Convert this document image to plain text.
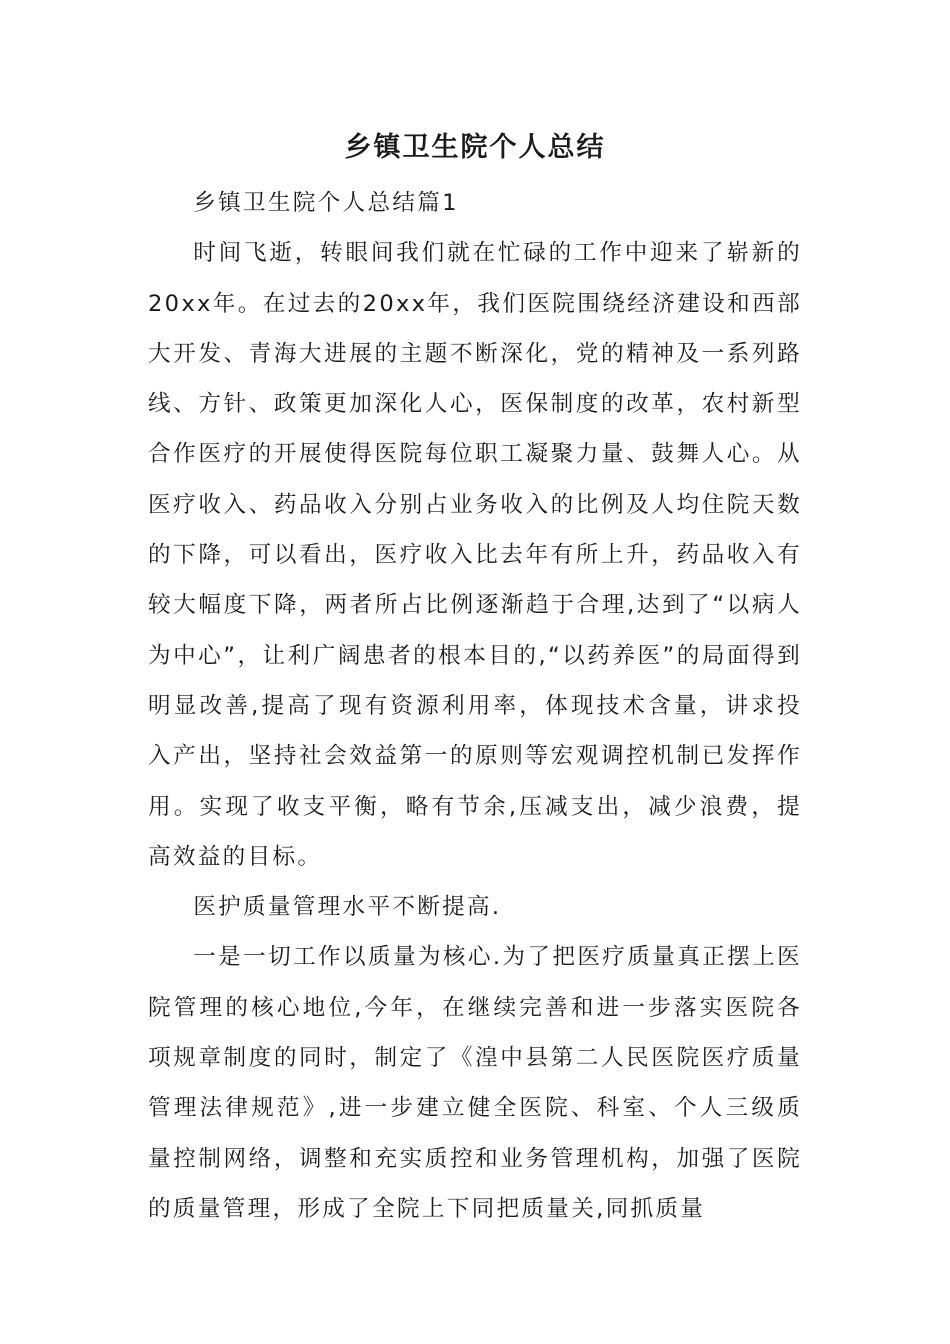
乡镇卫生院个人总结

乡镇卫生院个人总结篇1

时间飞逝，转眼间我们就在忙碌的工作中迎来了崭新的20xx年。在过去的20xx年，我们医院围绕经济建设和西部大开发、青海大进展的主题不断深化，党的精神及一系列路线、方针、政策更加深化人心，医保制度的改革，农村新型合作医疗的开展使得医院每位职工凝聚力量、鼓舞人心。从医疗收入、药品收入分别占业务收入的比例及人均住院天数的下降，可以看出，医疗收入比去年有所上升，药品收入有较大幅度下降，两者所占比例逐渐趋于合理,达到了“以病人为中心”，让利广阔患者的根本目的,“以药养医”的局面得到明显改善,提高了现有资源利用率，体现技术含量，讲求投入产出，坚持社会效益第一的原则等宏观调控机制已发挥作用。实现了收支平衡，略有节余,压减支出，减少浪费，提高效益的目标。

医护质量管理水平不断提高.

一是一切工作以质量为核心.为了把医疗质量真正摆上医院管理的核心地位,今年，在继续完善和进一步落实医院各项规章制度的同时，制定了《湟中县第二人民医院医疗质量管理法律规范》,进一步建立健全医院、科室、个人三级质量控制网络，调整和充实质控和业务管理机构，加强了医院的质量管理，形成了全院上下同把质量关,同抓质量
